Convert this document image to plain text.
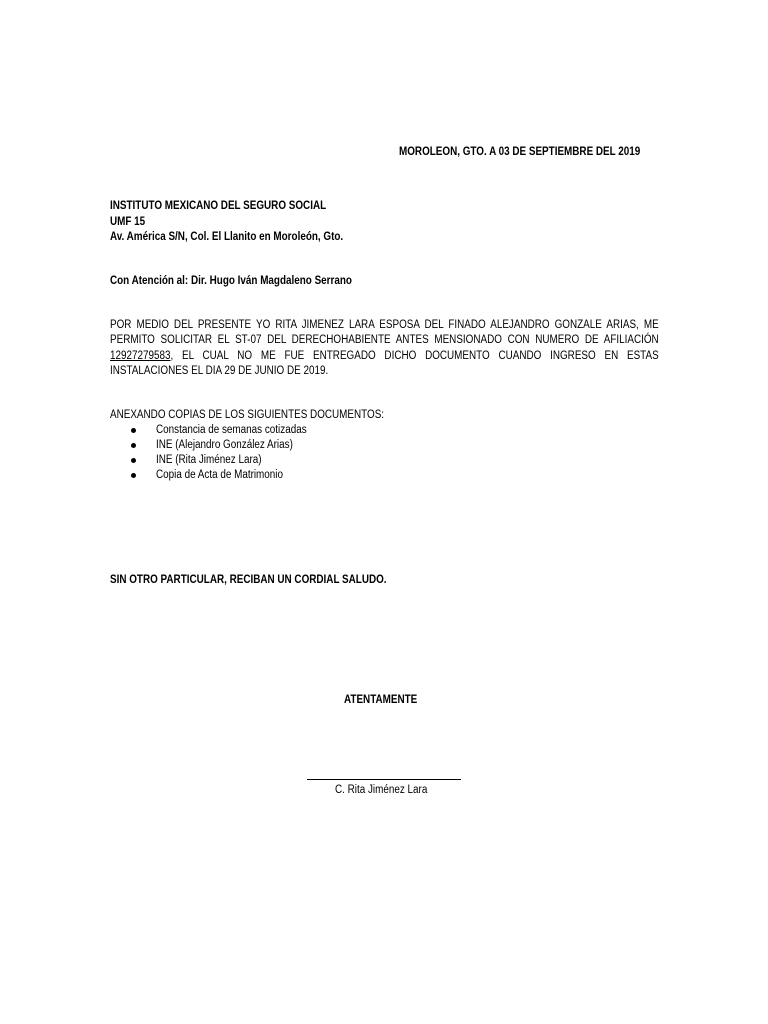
MOROLEON, GTO. A 03 DE SEPTIEMBRE DEL 2019
INSTITUTO MEXICANO DEL SEGURO SOCIAL
UMF 15
Av. América S/N, Col. El Llanito en Moroleón, Gto.
Con Atención al: Dir. Hugo Iván Magdaleno Serrano
POR MEDIO DEL PRESENTE YO RITA JIMENEZ LARA ESPOSA DEL FINADO ALEJANDRO GONZALE ARIAS, ME PERMITO SOLICITAR EL ST-07 DEL DERECHOHABIENTE ANTES MENSIONADO CON NUMERO DE AFILIACIÓN 12927279583, EL CUAL NO ME FUE ENTREGADO DICHO DOCUMENTO CUANDO INGRESO EN ESTAS INSTALACIONES EL DIA 29 DE JUNIO DE 2019.
ANEXANDO COPIAS DE LOS SIGUIENTES DOCUMENTOS:
Constancia de semanas cotizadas
INE (Alejandro González Arias)
INE (Rita Jiménez Lara)
Copia de Acta de Matrimonio
SIN OTRO PARTICULAR, RECIBAN UN CORDIAL SALUDO.
ATENTAMENTE
C. Rita Jiménez Lara
